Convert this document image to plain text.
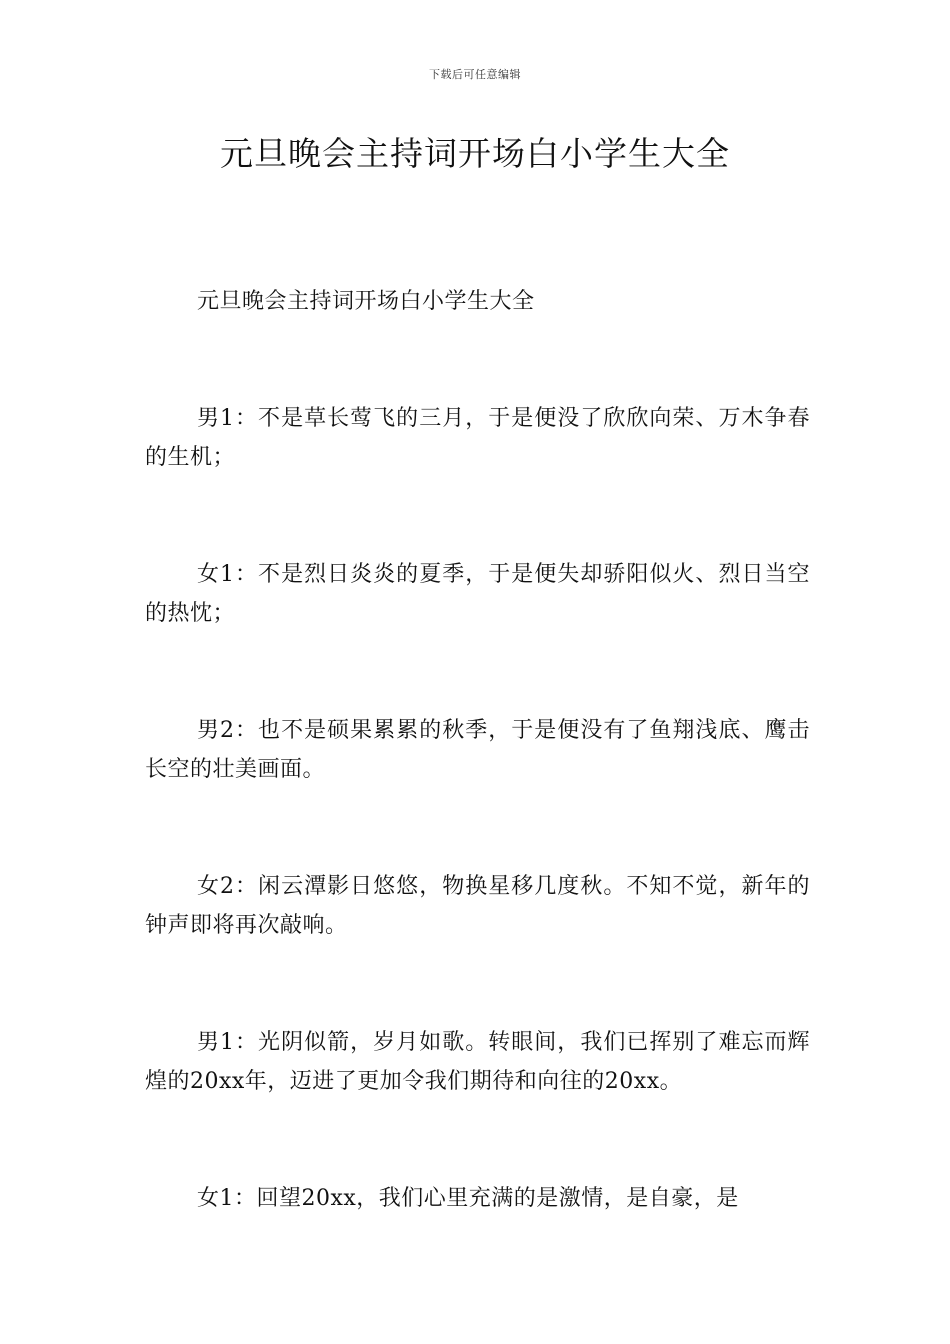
下载后可任意编辑
元旦晚会主持词开场白小学生大全

元旦晚会主持词开场白小学生大全

男1：不是草长莺飞的三月，于是便没了欣欣向荣、万木争春的生机；

女1：不是烈日炎炎的夏季，于是便失却骄阳似火、烈日当空的热忱；

男2：也不是硕果累累的秋季，于是便没有了鱼翔浅底、鹰击长空的壮美画面。

女2：闲云潭影日悠悠，物换星移几度秋。不知不觉，新年的钟声即将再次敲响。

男1：光阴似箭，岁月如歌。转眼间，我们已挥别了难忘而辉煌的20xx年，迈进了更加令我们期待和向往的20xx。

女1：回望20xx，我们心里充满的是激情，是自豪，是
